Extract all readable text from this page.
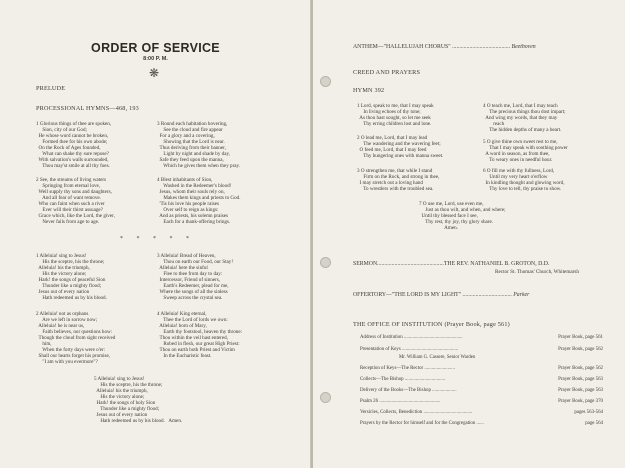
ORDER OF SERVICE
8:00 P. M.
❋
PRELUDE
PROCESSIONAL HYMNS—468, 193
1 Glorious things of thee are spoken,
Sion, city of our God;
He whose word cannot be broken,
Formed thee for his own abode;
On the Rock of Ages founded,
What can shake thy sure repose?
With salvation's walls surrounded,
Thou may'st smile at all thy foes.
2 See, the streams of living waters
Springing from eternal love,
Well supply thy sons and daughters,
And all fear of want remove.
Who can faint when such a river
Ever will their thirst assuage?
Grace which, like the Lord, the giver,
Never fails from age to age.
3 Round each habitation hovering,
See the cloud and fire appear
For a glory and a covering,
Showing that the Lord is near.
Thus deriving from their banner,
Light by night and shade by day,
Safe they feed upon the manna,
Which he gives them when they pray.
4 Blest inhabitants of Sion,
Washed in the Redeemer's blood!
Jesus, whom their souls rely on,
Makes them kings and priests to God.
'Tis his love his people raises
Over self to reign as kings:
And as priests, his solemn praises
Each for a thank-offering brings.
* * * * *
1 Alleluia! sing to Jesus!
His the sceptre, his the throne;
Alleluia! his the triumph,
His the victory alone;
Hark! the songs of peaceful Sion
Thunder like a mighty flood;
Jesus out of every nation
Hath redeemed us by his blood.
2 Alleluia! not as orphans
Are we left in sorrow now;
Alleluia! he is near us,
Faith believes, nor questions how:
Though the cloud from sight received
him,
When the forty days were o'er:
Shall our hearts forget his promise,
"I am with you evermore"?
3 Alleluia! Bread of Heaven,
Thou on earth our Food, our Stay!
Alleluia! here the sinful
Flee to thee from day to day:
Intercessor, Friend of sinners,
Earth's Redeemer, plead for me,
Where the songs of all the sinless
Sweep across the crystal sea.
4 Alleluia! King eternal,
Thee the Lord of lords we own:
Alleluia! born of Mary,
Earth thy footstool, heaven thy throne:
Thou within the veil hast entered,
Robed in flesh, our great High Priest:
Thou on earth both Priest and Victim
In the Eucharistic feast.
5 Alleluia! sing to Jesus!
His the sceptre, his the throne;
Alleluia! his the triumph,
His the victory alone;
Hark! the songs of holy Sion
Thunder like a mighty flood;
Jesus out of every nation
Hath redeemed us by his blood.   Amen.
ANTHEM—"HALLELUJAH CHORUS" ........................................ Beethoven
CREED AND PRAYERS
HYMN 392
1 Lord, speak to me, that I may speak
In living echoes of thy tone;
As thou hast sought, so let me seek
Thy erring children lost and lone.
2 O lead me, Lord, that I may lead
The wandering and the wavering feet;
O feed me, Lord, that I may feed
Thy hungering ones with manna sweet.
3 O strengthen me, that while I stand
Firm on the Rock, and strong in thee,
I may stretch out a loving hand
To wrestlers with the troubled sea.
4 O teach me, Lord, that I may teach
The precious things thou dost impart;
And wing my words, that they may
reach
The hidden depths of many a heart.
5 O give thine own sweet rest to me,
That I may speak with soothing power
A word in season, as from thee,
To weary ones in needful hour.
6 O fill me with thy fullness, Lord,
Until my very heart o'erflow
In kindling thought and glowing word,
Thy love to tell, thy praise to show.
7 O use me, Lord, use even me,
Just as thou wilt, and when, and where;
Until thy blessed face I see,
Thy rest, thy joy, thy glory share.
Amen.
SERMON..............................................THE REV. NATHANIEL B. GROTON, D.D.
Rector St. Thomas' Church, Whitemarsh
OFFERTORY—"THE LORD IS MY LIGHT" .................................. Parker
THE OFFICE OF INSTITUTION (Prayer Book, page 561)
Address of Institution ................................................	Prayer Book, page 561
Presentation of Keys ..............................................	Prayer Book, page 562
Mr. William G. Cassere, Senior Warden
Reception of Keys—The Rector .........................	Prayer Book, page 562
Collects—The Bishop .................................	Prayer Book, page 563
Delivery of the Books—The Bishop ....................	Prayer Book, page 563
Psalm 26 ..................................................	Prayer Book, page 370
Versicles, Collects, Benediction ........................................	pages 563-564
Prayers by the Rector for himself and for the Congregation ......	page 564
